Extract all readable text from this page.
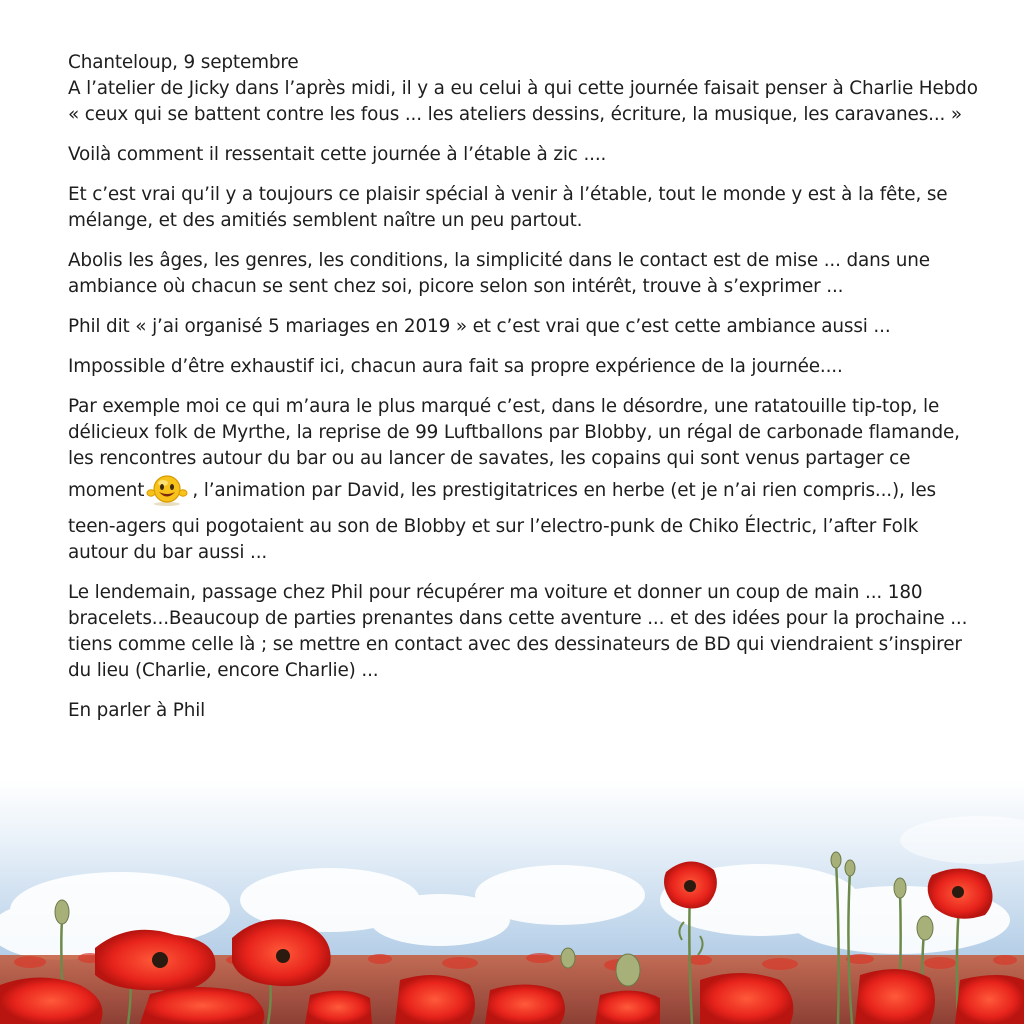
Chanteloup, 9 septembre

A l’atelier de Jicky dans l’après midi, il y a eu celui à qui cette journée faisait penser à Charlie Hebdo « ceux qui se battent contre les fous ... les ateliers dessins, écriture, la musique, les caravanes... »

Voilà comment il ressentait cette journée à l’étable à zic ....

Et c’est vrai qu’il y a toujours ce plaisir spécial à venir à l’étable, tout le monde y est à la fête, se mélange, et des amitiés semblent naître un peu partout.

Abolis les âges, les genres, les conditions, la simplicité dans le contact est de mise ... dans une ambiance où chacun se sent chez soi, picore selon son intérêt, trouve à s’exprimer ...

Phil dit « j’ai organisé 5 mariages en 2019 » et c’est vrai que c’est cette ambiance aussi ...

Impossible d’être exhaustif ici, chacun aura fait sa propre expérience de la journée....

Par exemple moi ce qui m’aura le plus marqué c’est, dans le désordre, une ratatouille tip-top, le délicieux folk de Myrthe, la reprise de 99 Luftballons par Blobby, un régal de carbonade flamande, les rencontres autour du bar ou au lancer de savates, les copains qui sont venus partager ce moment	, l’animation par David, les prestigitatrices en herbe (et je n’ai rien compris...), les teen-agers qui pogotaient au son de Blobby et sur l’electro-punk de Chiko Électric, l’after Folk autour du bar aussi ...

Le lendemain, passage chez Phil pour récupérer ma voiture et donner un coup de main ... 180 bracelets...Beaucoup de parties prenantes dans cette aventure ... et des idées pour la prochaine ... tiens comme celle là ; se mettre en contact avec des dessinateurs de BD qui viendraient s’inspirer du lieu (Charlie, encore Charlie) ...

En parler à Phil
